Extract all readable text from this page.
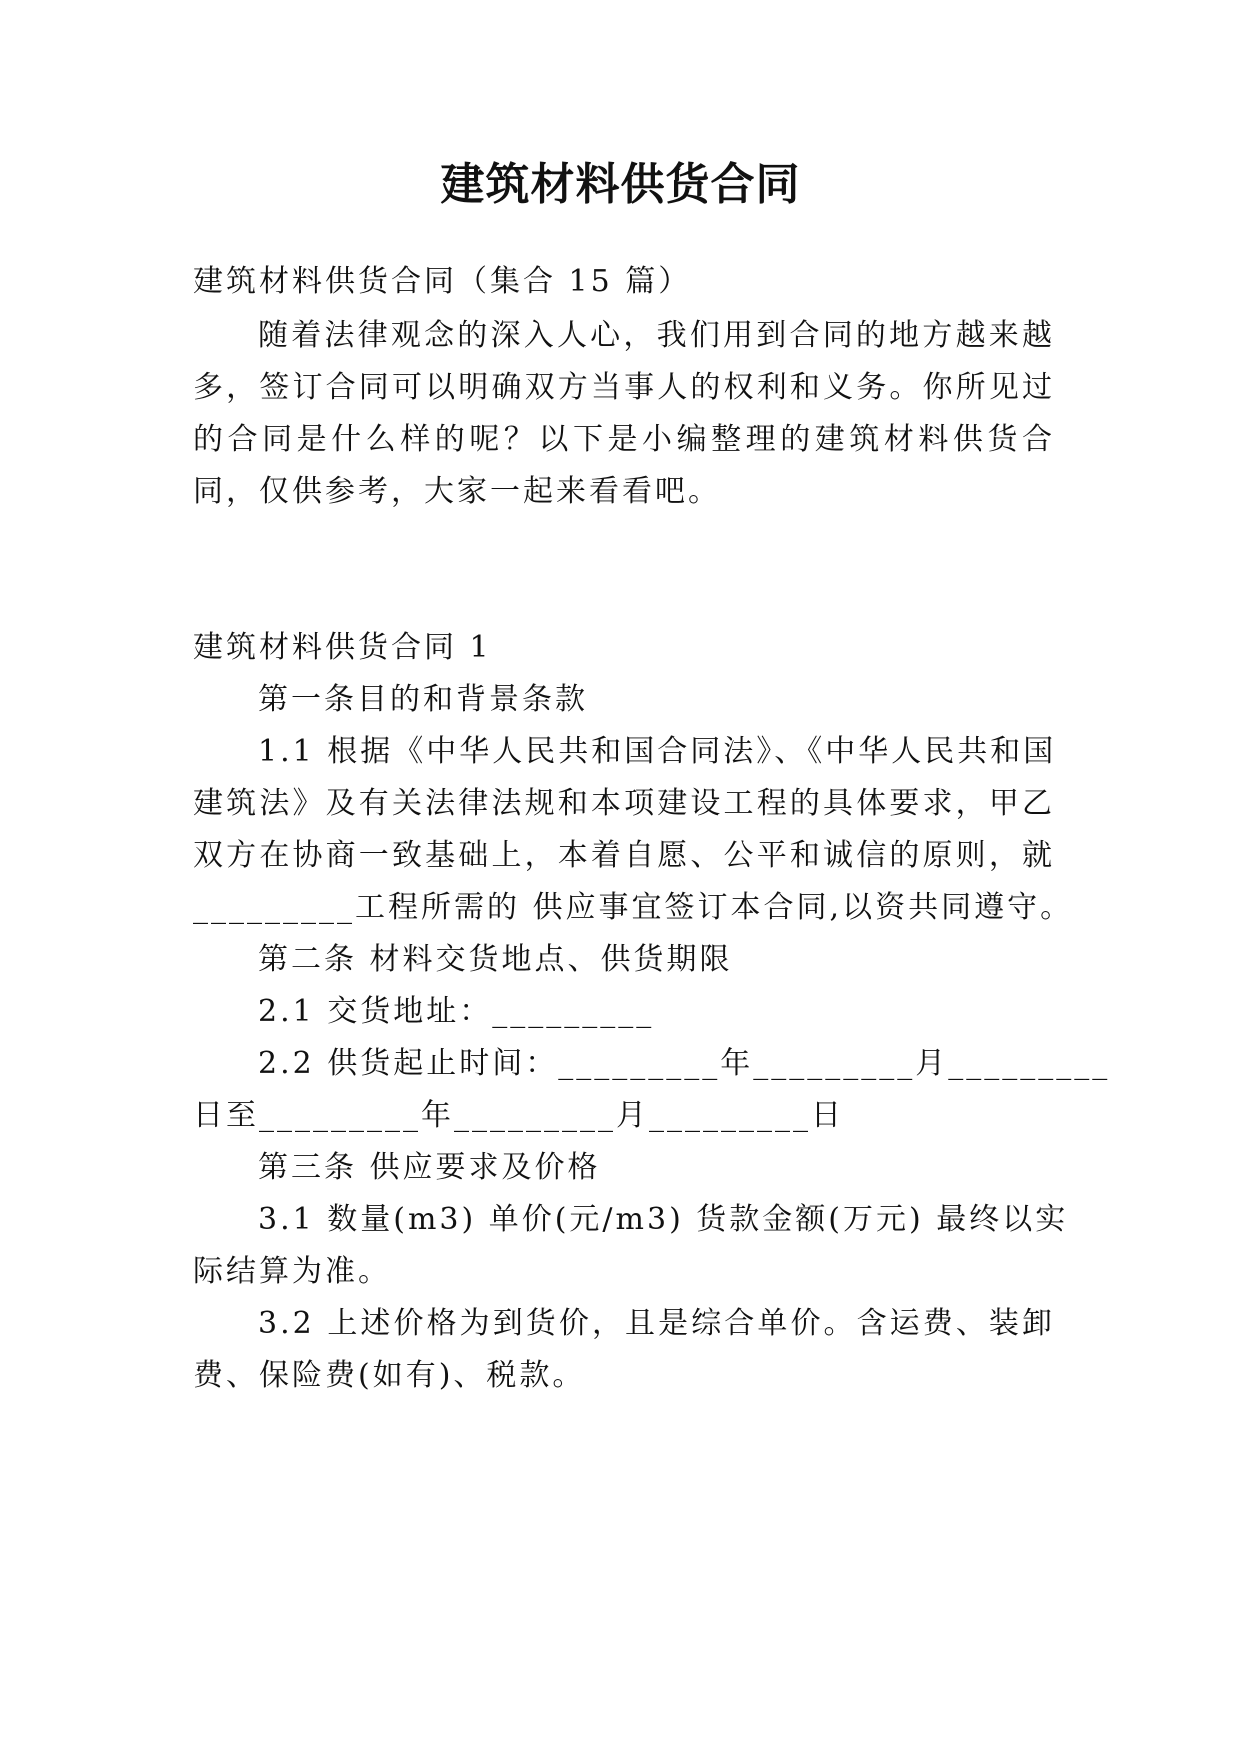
建筑材料供货合同
建筑材料供货合同（集合 15 篇）
随着法律观念的深入人心，我们用到合同的地方越来越
多，签订合同可以明确双方当事人的权利和义务。你所见过
的合同是什么样的呢？以下是小编整理的建筑材料供货合
同，仅供参考，大家一起来看看吧。
建筑材料供货合同 1
第一条目的和背景条款
1.1 根据《中华人民共和国合同法》、《中华人民共和国
建筑法》及有关法律法规和本项建设工程的具体要求，甲乙
双方在协商一致基础上，本着自愿、公平和诚信的原则，就
_________工程所需的 供应事宜签订本合同,以资共同遵守。
第二条 材料交货地点、供货期限
2.1 交货地址：_________
2.2 供货起止时间：_________年_________月_________
日至_________年_________月_________日
第三条 供应要求及价格
3.1 数量(m3) 单价(元/m3) 货款金额(万元) 最终以实
际结算为准。
3.2 上述价格为到货价，且是综合单价。含运费、装卸
费、保险费(如有)、税款。
